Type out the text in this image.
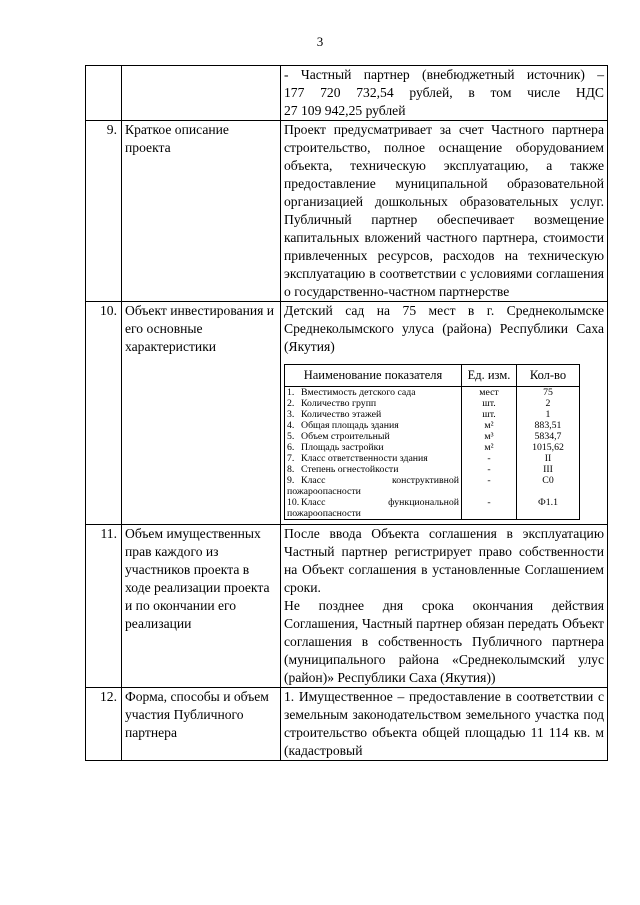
3

- Частный партнер (внебюджетный источник) –
177 720 732,54 рублей, в том числе НДС
27 109 942,25 рублей

9.	Краткое описание проекта	
Проект предусматривает за счет Частного партнера строительство, полное оснащение оборудованием объекта, техническую эксплуатацию, а также предоставление муниципальной образовательной организацией дошкольных образовательных услуг. Публичный партнер обеспечивает возмещение капитальных вложений частного партнера, стоимости привлеченных ресурсов, расходов на техническую эксплуатацию в соответствии с условиями соглашения о государственно-частном партнерстве

10.	Объект инвестирования и его основные характеристики	
Детский сад на 75 мест в г. Среднеколымске Среднеколымского улуса (района) Республики Саха (Якутия)
Наименование показателя	Ед. изм.	Кол-во
1. Вместимость детского сада	мест	75
2. Количество групп	шт.	2
3. Количество этажей	шт.	1
4. Общая площадь здания	м²	883,51
5. Объем строительный	м³	5834,7
6. Площадь застройки	м²	1015,62
7. Класс ответственности здания	-	II
8. Степень огнестойкости	-	III
9. Класс конструктивной пожароопасности	-	С0
10. Класс функциональной пожароопасности	-	Ф1.1

11.	Объем имущественных прав каждого из участников проекта в ходе реализации проекта и по окончании его реализации	
После ввода Объекта соглашения в эксплуатацию Частный партнер регистрирует право собственности на Объект соглашения в установленные Соглашением сроки.
Не позднее дня срока окончания действия Соглашения, Частный партнер обязан передать Объект соглашения в собственность Публичного партнера (муниципального района «Среднеколымский улус (район)» Республики Саха (Якутия))

12.	Форма, способы и объем участия Публичного партнера	
1. Имущественное – предоставление в соответствии с земельным законодательством земельного участка под строительство объекта общей площадью 11 114 кв. м (кадастровый
